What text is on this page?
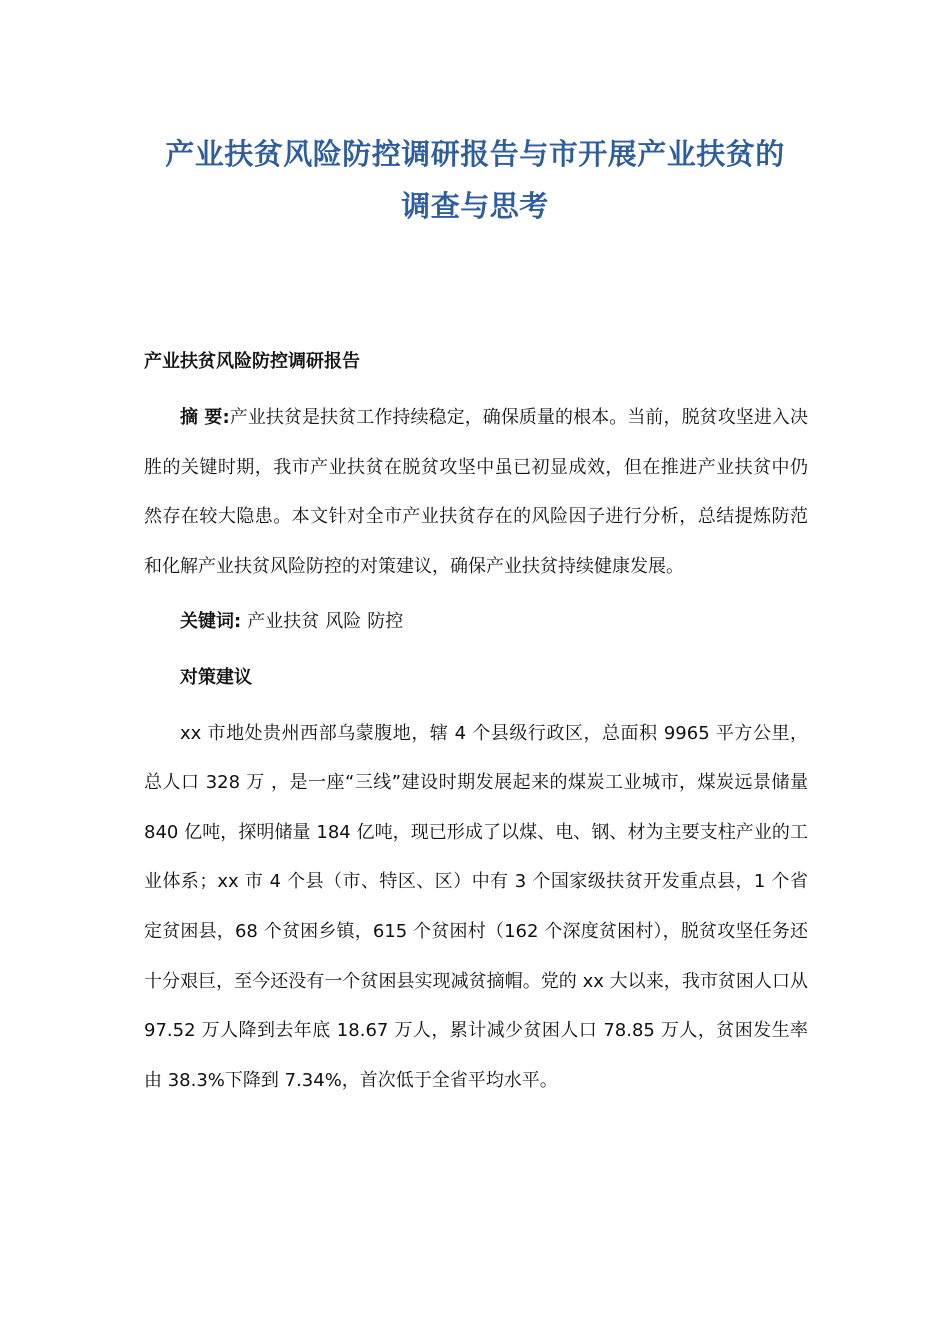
产业扶贫风险防控调研报告与市开展产业扶贫的
调查与思考
产业扶贫风险防控调研报告

摘 要:产业扶贫是扶贫工作持续稳定，确保质量的根本。当前，脱贫攻坚进入决胜的关键时期，我市产业扶贫在脱贫攻坚中虽已初显成效，但在推进产业扶贫中仍然存在较大隐患。本文针对全市产业扶贫存在的风险因子进行分析，总结提炼防范和化解产业扶贫风险防控的对策建议，确保产业扶贫持续健康发展。

关键词: 产业扶贫 风险 防控

对策建议

xx 市地处贵州西部乌蒙腹地，辖 4 个县级行政区，总面积 9965 平方公里，总人口 328 万 ，是一座“三线”建设时期发展起来的煤炭工业城市，煤炭远景储量 840 亿吨，探明储量 184 亿吨，现已形成了以煤、电、钢、材为主要支柱产业的工业体系；xx 市 4 个县（市、特区、区）中有 3 个国家级扶贫开发重点县，1 个省定贫困县，68 个贫困乡镇，615 个贫困村（162 个深度贫困村），脱贫攻坚任务还十分艰巨，至今还没有一个贫困县实现减贫摘帽。党的 xx 大以来，我市贫困人口从 97.52 万人降到去年底 18.67 万人，累计减少贫困人口 78.85 万人，贫困发生率由 38.3%下降到 7.34%，首次低于全省平均水平。
